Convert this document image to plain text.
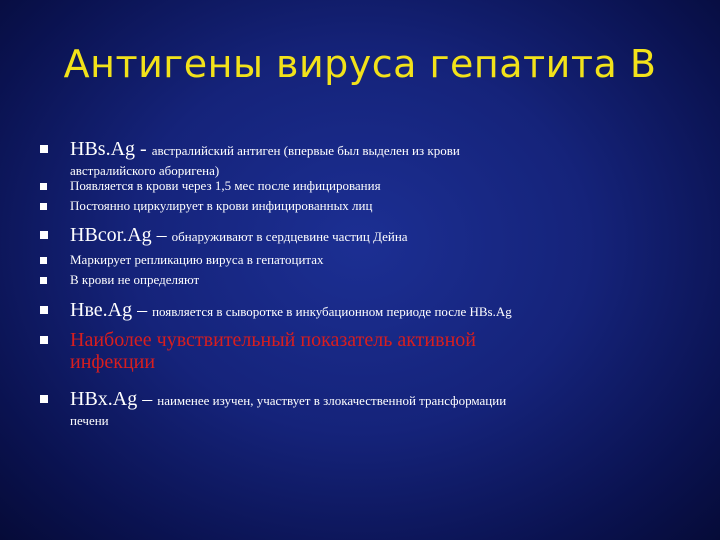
Антигены вируса гепатита В
HBs.Ag - австралийский антиген (впервые был выделен из крови
австралийского аборигена)
Появляется в крови через 1,5 мес после инфицирования
Постоянно циркулирует в крови инфицированных лиц
HBcor.Ag – обнаруживают в сердцевине частиц Дейна
Маркирует репликацию вируса в гепатоцитах
В крови не определяют
Hве.Ag – появляется в сыворотке в инкубационном периоде после HBs.Ag
Наиболее чувствительный показатель активной
инфекции
HBx.Ag – наименее изучен, участвует в злокачественной трансформации
печени
